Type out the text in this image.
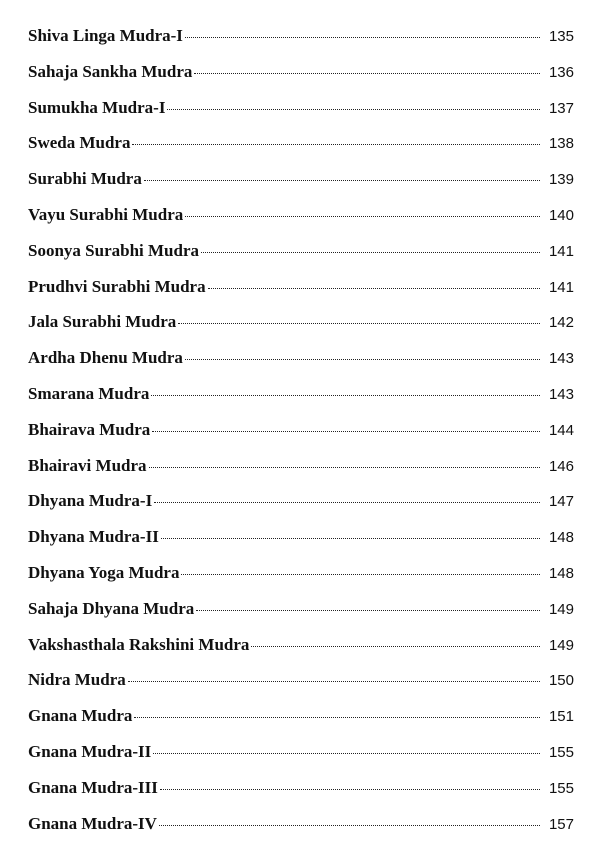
Shiva Linga Mudra-I	135
Sahaja Sankha Mudra	136
Sumukha Mudra-I	137
Sweda Mudra	138
Surabhi Mudra	139
Vayu Surabhi Mudra	140
Soonya Surabhi Mudra	141
Prudhvi Surabhi Mudra	141
Jala Surabhi Mudra	142
Ardha Dhenu Mudra	143
Smarana Mudra	143
Bhairava Mudra	144
Bhairavi Mudra	146
Dhyana Mudra-I	147
Dhyana Mudra-II	148
Dhyana Yoga Mudra	148
Sahaja Dhyana Mudra	149
Vakshasthala Rakshini Mudra	149
Nidra Mudra	150
Gnana Mudra	151
Gnana Mudra-II	155
Gnana Mudra-III	155
Gnana Mudra-IV	157
